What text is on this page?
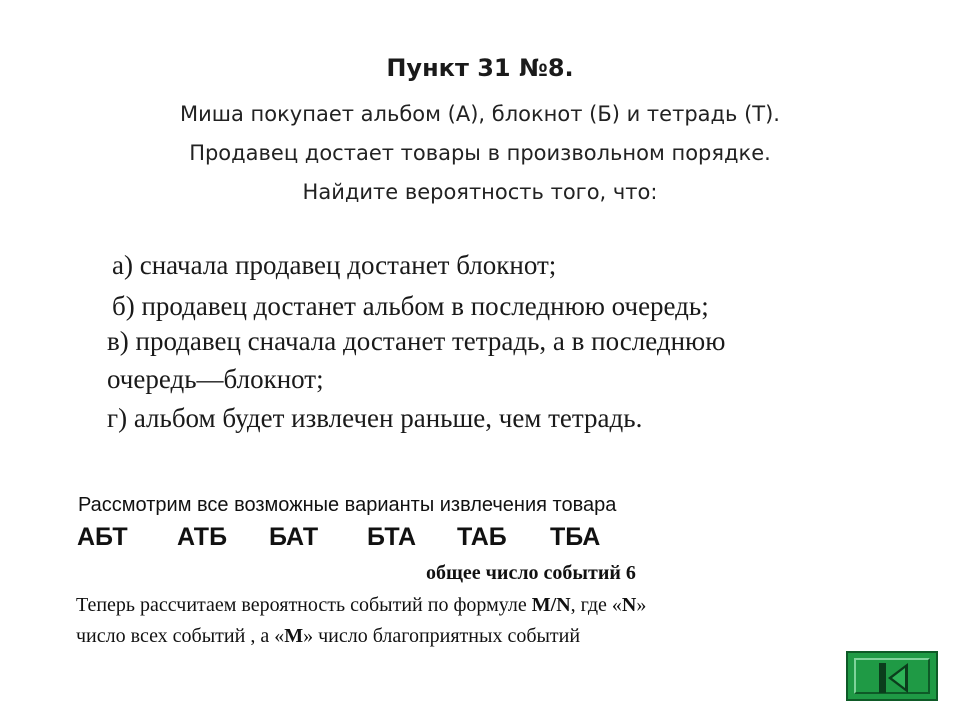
Пункт 31 №8.
Миша покупает альбом (А), блокнот (Б) и тетрадь (Т).
Продавец достает товары в произвольном порядке.
Найдите вероятность того, что:
а) сначала продавец достанет блокнот;
б) продавец достанет альбом в последнюю очередь;
в) продавец сначала достанет тетрадь, а в последнюю
очередь—блокнот;
г) альбом будет извлечен раньше, чем тетрадь.
Рассмотрим все возможные варианты извлечения товара
АБТ АТБ БАТ БТА ТАБ ТБА
общее число событий 6
Теперь рассчитаем вероятность событий по формуле M/N, где «N»
число всех событий , а «M» число благоприятных событий
